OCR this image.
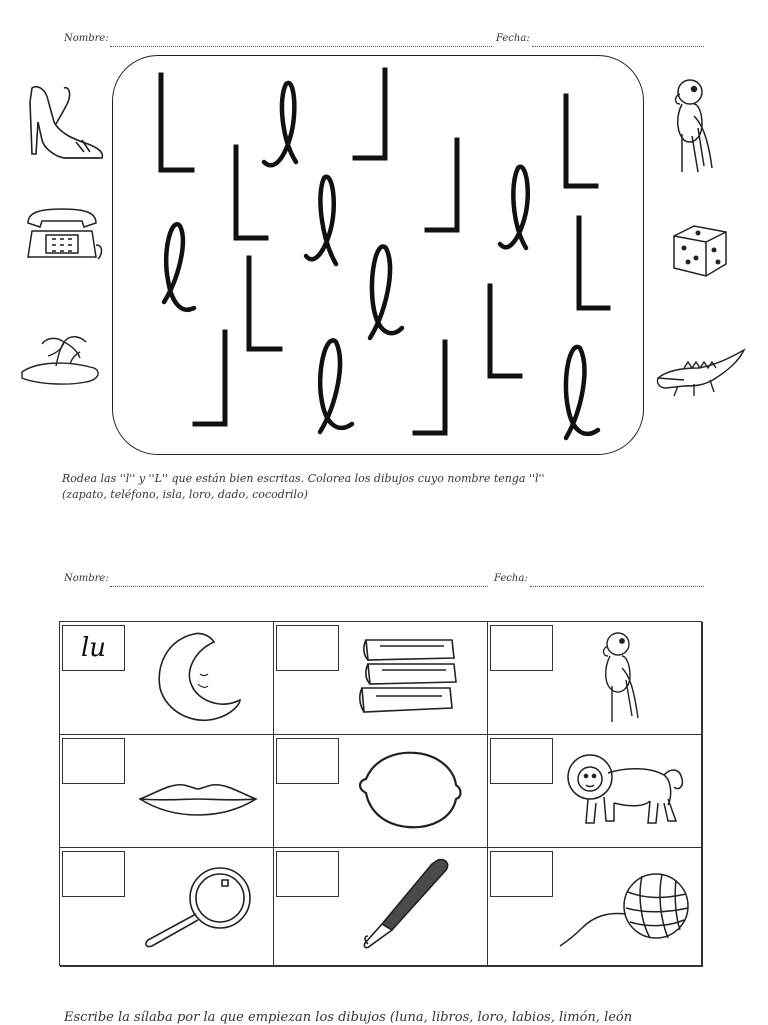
Nombre:	Fecha:
Rodea las ''l'' y ''L'' que están bien escritas. Colorea los dibujos cuyo nombre tenga ''l''
(zapato, teléfono, isla, loro, dado, cocodrilo)
Nombre:	Fecha:
lu
Escribe la sílaba por la que empiezan los dibujos (luna, libros, loro, labios, limón, león
